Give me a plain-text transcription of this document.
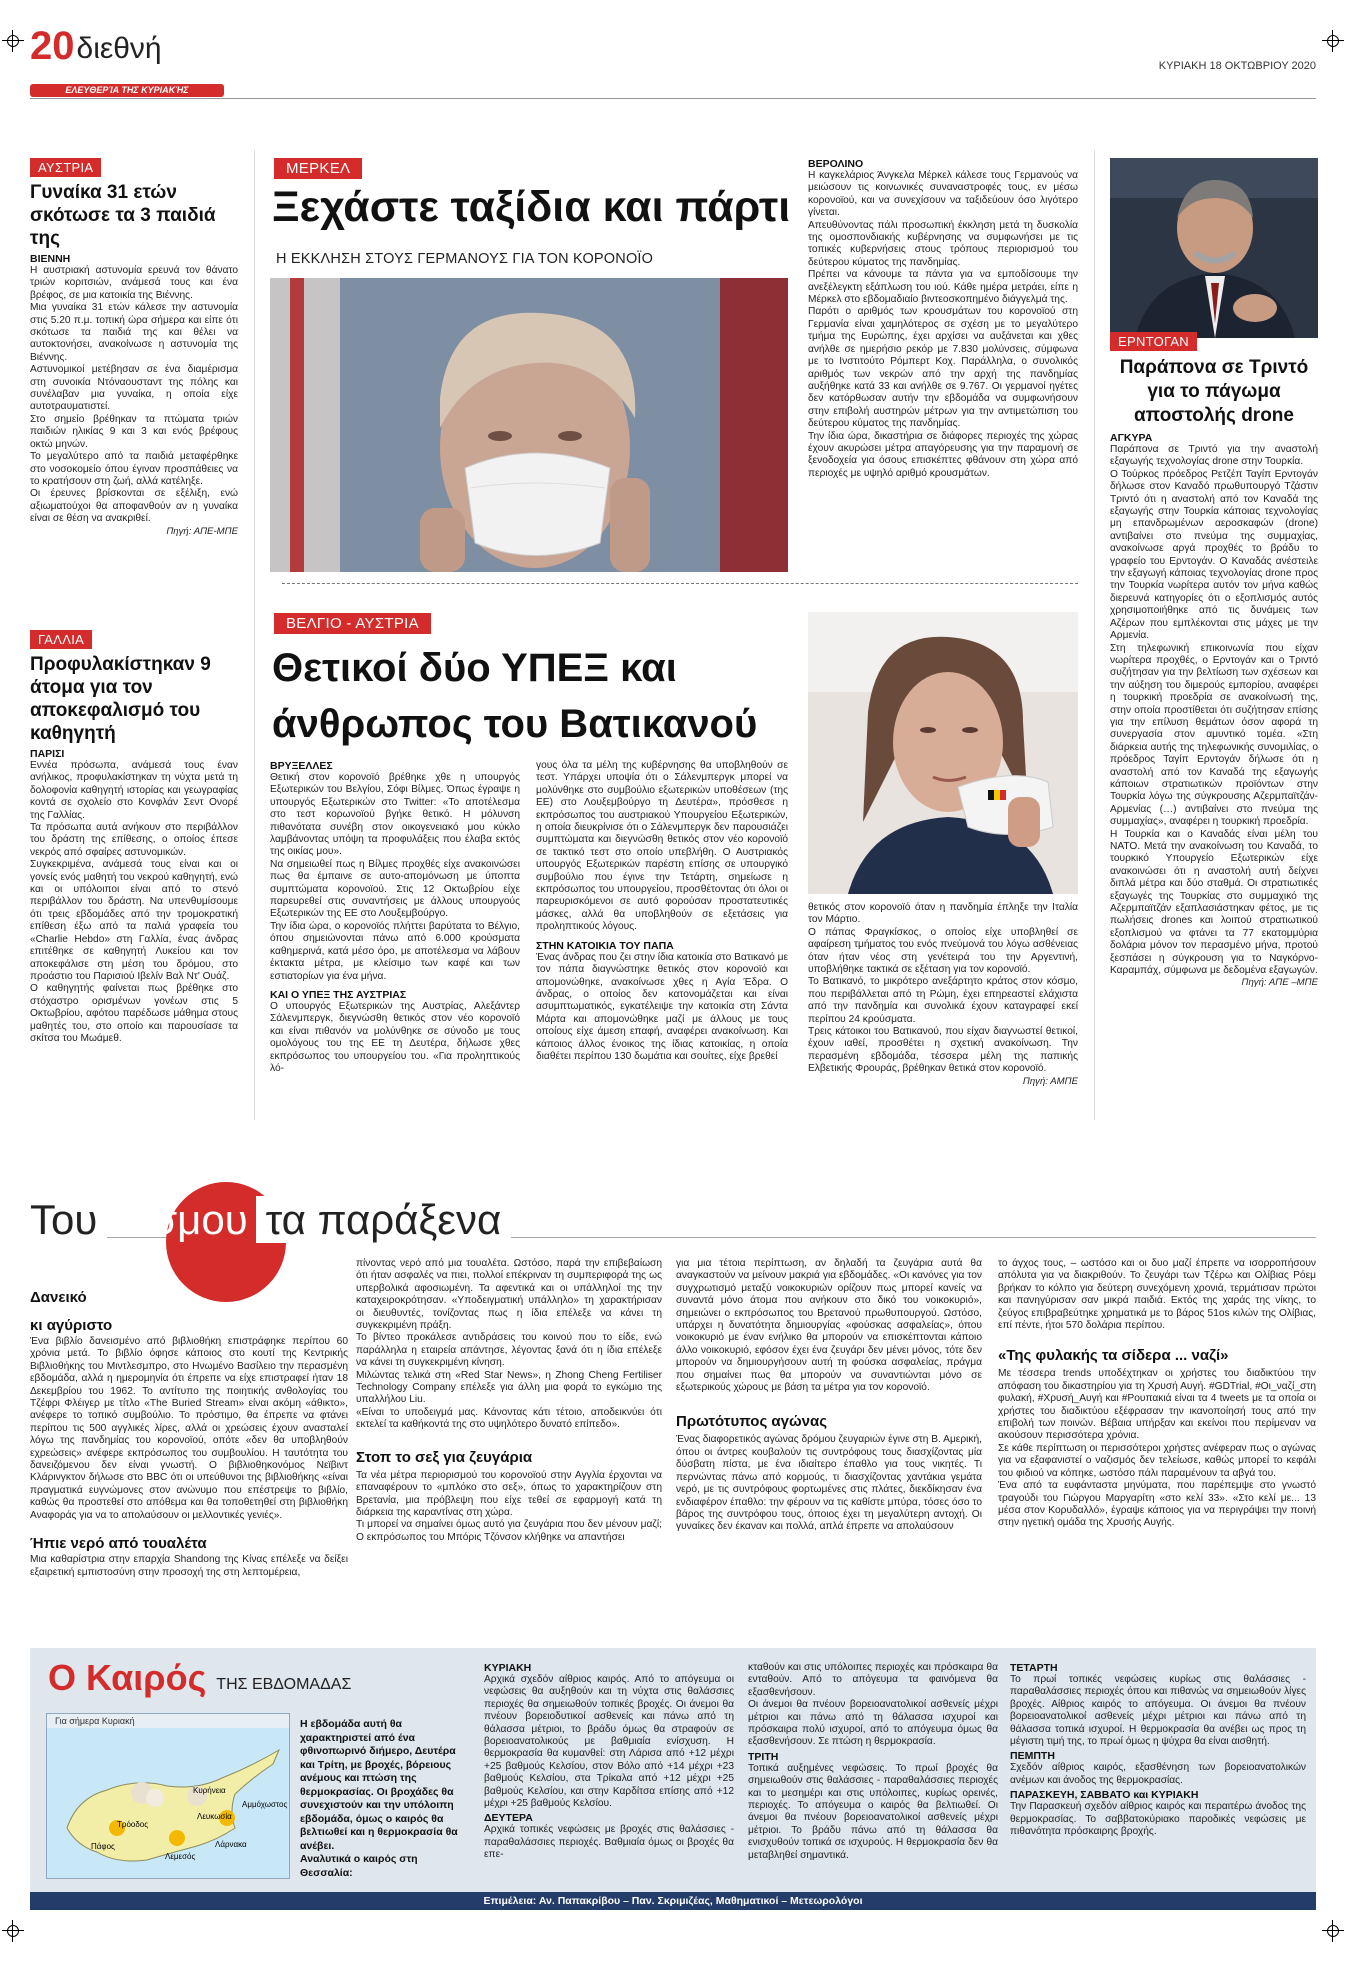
20 διεθνή
ΕΛΕΥΘΕΡΊΑ ΤΗΣ ΚΥΡΙΑΚΉΣ
ΚΥΡΙΑΚΗ 18 ΟΚΤΩΒΡΙΟΥ 2020
ΑΥΣΤΡΙΑ
Γυναίκα 31 ετών σκότωσε τα 3 παιδιά της
ΒΙΕΝΝΗ

Η αυστριακή αστυνομία ερευνά τον θάνατο τριών κοριτσιών, ανάμεσά τους και ένα βρέφος, σε μια κατοικία της Βιέννης.

Μια γυναίκα 31 ετών κάλεσε την αστυνομία στις 5.20 π.μ. τοπική ώρα σήμερα και είπε ότι σκότωσε τα παιδιά της και θέλει να αυτοκτονήσει, ανακοίνωσε η αστυνομία της Βιέννης.

Αστυνομικοί μετέβησαν σε ένα διαμέρισμα στη συνοικία Ντόναουσταντ της πόλης και συνέλαβαν μια γυναίκα, η οποία είχε αυτοτραυματιστεί.

Στο σημείο βρέθηκαν τα πτώματα τριών παιδιών ηλικίας 9 και 3 και ενός βρέφους οκτώ μηνών.

Το μεγαλύτερο από τα παιδιά μεταφέρθηκε στο νοσοκομείο όπου έγιναν προσπάθειες να το κρατήσουν στη ζωή, αλλά κατέληξε.

Οι έρευνες βρίσκονται σε εξέλιξη, ενώ αξιωματούχοι θα αποφανθούν αν η γυναίκα είναι σε θέση να ανακριθεί.

Πηγή: ΑΠΕ-ΜΠΕ
ΓΑΛΛΙΑ
Προφυλακίστηκαν 9 άτομα για τον αποκεφαλισμό του καθηγητή
ΠΑΡΙΣΙ

Εννέα πρόσωπα, ανάμεσά τους έναν ανήλικος, προφυλακίστηκαν τη νύχτα μετά τη δολοφονία καθηγητή ιστορίας και γεωγραφίας κοντά σε σχολείο στο Κονφλάν Σεντ Ονορέ της Γαλλίας.

Τα πρόσωπα αυτά ανήκουν στο περιβάλλον του δράστη της επίθεσης, ο οποίος έπεσε νεκρός από σφαίρες αστυνομικών.

Συγκεκριμένα, ανάμεσά τους είναι και οι γονείς ενός μαθητή του νεκρού καθηγητή, ενώ και οι υπόλοιποι είναι από το στενό περιβάλλον του δράστη. Να υπενθυμίσουμε ότι τρεις εβδομάδες από την τρομοκρατική επίθεση έξω από τα παλιά γραφεία του «Charlie Hebdo» στη Γαλλία, ένας άνδρας επιτέθηκε σε καθηγητή Λυκείου και τον αποκεφάλισε στη μέση του δρόμου, στο προάστιο του Παρισιού Ιβελίν Βαλ Ντ' Ουάζ.

Ο καθηγητής φαίνεται πως βρέθηκε στο στόχαστρο ορισμένων γονέων στις 5 Οκτωβρίου, αφότου παρέδωσε μάθημα στους μαθητές του, στο οποίο και παρουσίασε τα σκίτσα του Μωάμεθ.

ΜΕΡΚΕΛ
Ξεχάστε ταξίδια και πάρτι
Η ΕΚΚΛΗΣΗ ΣΤΟΥΣ ΓΕΡΜΑΝΟΥΣ ΓΙΑ ΤΟΝ ΚΟΡΟΝΟΪΟ
ΒΕΡΟΛΙΝΟ

Η καγκελάριος Άνγκελα Μέρκελ κάλεσε τους Γερμανούς να μειώσουν τις κοινωνικές συναναστροφές τους, εν μέσω κορονοϊού, και να συνεχίσουν να ταξιδεύουν όσο λιγότερο γίνεται.

Απευθύνοντας πάλι προσωπική έκκληση μετά τη δυσκολία της ομοσπονδιακής κυβέρνησης να συμφωνήσει με τις τοπικές κυβερνήσεις στους τρόπους περιορισμού του δεύτερου κύματος της πανδημίας.

Πρέπει να κάνουμε τα πάντα για να εμποδίσουμε την ανεξέλεγκτη εξάπλωση του ιού. Κάθε ημέρα μετράει, είπε η Μέρκελ στο εβδομαδιαίο βιντεοσκοπημένο διάγγελμά της.

Παρότι ο αριθμός των κρουσμάτων του κορονοϊού στη Γερμανία είναι χαμηλότερος σε σχέση με το μεγαλύτερο τμήμα της Ευρώπης, έχει αρχίσει να αυξάνεται και χθες ανήλθε σε ημερήσιο ρεκόρ με 7.830 μολύνσεις, σύμφωνα με το Ινστιτούτο Ρόμπερτ Κοχ. Παράλληλα, ο συνολικός αριθμός των νεκρών από την αρχή της πανδημίας αυξήθηκε κατά 33 και ανήλθε σε 9.767. Οι γερμανοί ηγέτες δεν κατόρθωσαν αυτήν την εβδομάδα να συμφωνήσουν στην επιβολή αυστηρών μέτρων για την αντιμετώπιση του δεύτερου κύματος της πανδημίας.

Την ίδια ώρα, δικαστήρια σε διάφορες περιοχές της χώρας έχουν ακυρώσει μέτρα απαγόρευσης για την παραμονή σε ξενοδοχεία για όσους επισκέπτες φθάνουν στη χώρα από περιοχές με υψηλό αριθμό κρουσμάτων.

ΒΕΛΓΙΟ - ΑΥΣΤΡΙΑ
Θετικοί δύο ΥΠΕΞ και
άνθρωπος του Βατικανού
ΒΡΥΞΕΛΛΕΣ

Θετική στον κορονοϊό βρέθηκε χθε η υπουργός Εξωτερικών του Βελγίου, Σόφι Βίλμες. Όπως έγραψε η υπουργός Εξωτερικών στο Twitter: «Το αποτέλεσμα στο τεστ κορωνοϊού βγήκε θετικό. Η μόλυνση πιθανότατα συνέβη στον οικογενειακό μου κύκλο λαμβάνοντας υπόψη τα προφυλάξεις που έλαβα εκτός της οικίας μου».

Να σημειωθεί πως η Βίλμες προχθές είχε ανακοινώσει πως θα έμπαινε σε αυτο-απομόνωση με ύποπτα συμπτώματα κορονοϊού. Στις 12 Οκτωβρίου είχε παρευρεθεί στις συναντήσεις με άλλους υπουργούς Εξωτερικών της ΕΕ στο Λουξεμβούργο.

Την ίδια ώρα, ο κορονοϊός πλήττει βαρύτατα το Βέλγιο, όπου σημειώνονται πάνω από 6.000 κρούσματα καθημερινά, κατά μέσο όρο, με αποτέλεσμα να λάβουν έκτακτα μέτρα, με κλείσιμο των καφέ και των εστιατορίων για ένα μήνα.

ΚΑΙ Ο ΥΠΕΞ ΤΗΣ ΑΥΣΤΡΙΑΣ
Ο υπουργός Εξωτερικών της Αυστρίας, Αλεξάντερ Σάλενμπεργκ, διεγνώσθη θετικός στον νέο κορονοϊό και είναι πιθανόν να μολύνθηκε σε σύνοδο με τους ομολόγους του της ΕΕ τη Δευτέρα, δήλωσε χθες εκπρόσωπος του υπουργείου του. «Για προληπτικούς λό-
γους όλα τα μέλη της κυβέρνησης θα υποβληθούν σε τεστ. Υπάρχει υποψία ότι ο Σάλενμπεργκ μπορεί να μολύνθηκε στο συμβούλιο εξωτερικών υποθέσεων (της ΕΕ) στο Λουξεμβούργο τη Δευτέρα», πρόσθεσε η εκπρόσωπος του αυστριακού Υπουργείου Εξωτερικών, η οποία διευκρίνισε ότι ο Σάλενμπεργκ δεν παρουσιάζει συμπτώματα και διεγνώσθη θετικός στον νέο κορονοϊό σε τακτικό τεστ στο οποίο υπεβλήθη. Ο Αυστριακός υπουργός Εξωτερικών παρέστη επίσης σε υπουργικό συμβούλιο που έγινε την Τετάρτη, σημείωσε η εκπρόσωπος του υπουργείου, προσθέτοντας ότι όλοι οι παρευρισκόμενοι σε αυτό φορούσαν προστατευτικές μάσκες, αλλά θα υποβληθούν σε εξετάσεις για προληπτικούς λόγους.
ΣΤΗΝ ΚΑΤΟΙΚΙΑ ΤΟΥ ΠΑΠΑ
Ένας άνδρας που ζει στην ίδια κατοικία στο Βατικανό με τον πάπα διαγνώστηκε θετικός στον κορονοϊό και απομονώθηκε, ανακοίνωσε χθες η Αγία Έδρα. Ο άνδρας, ο οποίος δεν κατονομάζεται και είναι ασυμπτωματικός, εγκατέλειψε την κατοικία στη Σάντα Μάρτα και απομονώθηκε μαζί με άλλους με τους οποίους είχε άμεση επαφή, αναφέρει ανακοίνωση. Και κάποιος άλλος ένοικος της ίδιας κατοικίας, η οποία διαθέτει περίπου 130 δωμάτια και σουίτες, είχε βρεθεί

θετικός στον κορονοϊό όταν η πανδημία έπληξε την Ιταλία τον Μάρτιο.

Ο πάπας Φραγκίσκος, ο οποίος είχε υποβληθεί σε αφαίρεση τμήματος του ενός πνεύμονά του λόγω ασθένειας όταν ήταν νέος στη γενέτειρά του την Αργεντινή, υποβλήθηκε τακτικά σε εξέταση για τον κορονοϊό.

Το Βατικανό, το μικρότερο ανεξάρτητο κράτος στον κόσμο, που περιβάλλεται από τη Ρώμη, έχει επηρεαστεί ελάχιστα από την πανδημία και συνολικά έχουν καταγραφεί εκεί περίπου 24 κρούσματα.

Τρεις κάτοικοι του Βατικανού, που είχαν διαγνωστεί θετικοί, έχουν ιαθεί, προσθέτει η σχετική ανακοίνωση. Την περασμένη εβδομάδα, τέσσερα μέλη της παπικής Ελβετικής Φρουράς, βρέθηκαν θετικά στον κορονοϊό.

Πηγή: ΑΜΠΕ
ΕΡΝΤΟΓΑΝ
Παράπονα σε Τριντό για το πάγωμα αποστολής drone
ΑΓΚΥΡΑ

Παράπονα σε Τριντό για την αναστολή εξαγωγής τεχνολογίας drone στην Τουρκία.

Ο Τούρκος πρόεδρος Ρετζέπ Ταγίπ Ερντογάν δήλωσε στον Καναδό πρωθυπουργό Τζάστιν Τριντό ότι η αναστολή από τον Καναδά της εξαγωγής στην Τουρκία κάποιας τεχνολογίας μη επανδρωμένων αεροσκαφών (drone) αντιβαίνει στο πνεύμα της συμμαχίας, ανακοίνωσε αργά προχθές το βράδυ το γραφείο του Ερντογάν. Ο Καναδάς ανέστειλε την εξαγωγή κάποιας τεχνολογίας drone προς την Τουρκία νωρίτερα αυτόν τον μήνα καθώς διερευνά κατηγορίες ότι ο εξοπλισμός αυτός χρησιμοποιήθηκε από τις δυνάμεις των Αζέρων που εμπλέκονται στις μάχες με την Αρμενία.

Στη τηλεφωνική επικοινωνία που είχαν νωρίτερα προχθές, ο Ερντογάν και ο Τριντό συζήτησαν για την βελτίωση των σχέσεων και την αύξηση του διμερούς εμπορίου, αναφέρει η τουρκική προεδρία σε ανακοίνωσή της, στην οποία προστίθεται ότι συζήτησαν επίσης για την επίλυση θεμάτων όσον αφορά τη συνεργασία στον αμυντικό τομέα. «Στη διάρκεια αυτής της τηλεφωνικής συνομιλίας, ο πρόεδρος Ταγίπ Ερντογάν δήλωσε ότι η αναστολή από τον Καναδά της εξαγωγής κάποιων στρατιωτικών προϊόντων στην Τουρκία λόγω της σύγκρουσης Αζερμπαϊτζάν-Αρμενίας (…) αντιβαίνει στο πνεύμα της συμμαχίας», αναφέρει η τουρκική προεδρία.

Η Τουρκία και ο Καναδάς είναι μέλη του ΝΑΤΟ. Μετά την ανακοίνωση του Καναδά, το τουρκικό Υπουργείο Εξωτερικών είχε ανακοινώσει ότι η αναστολή αυτή δείχνει διπλά μέτρα και δύο σταθμά. Οι στρατιωτικές εξαγωγές της Τουρκίας στο συμμαχικό της Αζερμπαϊτζάν εξαπλασιάστηκαν φέτος, με τις πωλήσεις drones και λοιπού στρατιωτικού εξοπλισμού να φτάνει τα 77 εκατομμύρια δολάρια μόνον τον περασμένο μήνα, προτού ξεσπάσει η σύγκρουση για το Ναγκόρνο-Καραμπάχ, σύμφωνα με δεδομένα εξαγωγών.

Πηγή: ΑΠΕ –ΜΠΕ
Του κόσμου τα παράξενα
Δανεικό
κι αγύριστο
Ένα βιβλίο δανεισμένο από βιβλιοθήκη επιστράφηκε περίπου 60 χρόνια μετά. Το βιβλίο όφησε κάποιος στο κουτί της Κεντρικής Βιβλιοθήκης του Μιντλεσμπρο, στο Ηνωμένο Βασίλειο την περασμένη εβδομάδα, αλλά η ημερομηνία ότι έπρεπε να είχε επιστραφεί ήταν 18 Δεκεμβρίου του 1962. Το αντίτυπο της ποιητικής ανθολογίας του Τζέφρι Φλέιγερ με τίτλο «The Buried Stream» είναι ακόμη «άθικτο», ανέφερε το τοπικό συμβούλιο. Το πρόστιμο, θα έπρεπε να φτάνει περίπου τις 500 αγγλικές λίρες, αλλά οι χρεώσεις έχουν ανασταλεί λόγω της πανδημίας του κορονοϊού, οπότε «δεν θα υποβληθούν εχρεώσεις» ανέφερε εκπρόσωπος του συμβουλίου. Η ταυτότητα του δανειζόμενου δεν είναι γνωστή. Ο βιβλιοθηκονόμος Νεϊβιντ Κλάρινγκτον δήλωσε στο BBC ότι οι υπεύθυνοι της βιβλιοθήκης «είναι πραγματικά ευγνώμονες στον ανώνυμο που επέστρεψε το βιβλίο, καθώς θα προστεθεί στο απόθεμα και θα τοποθετηθεί στη βιβλιοθήκη Αναφοράς για να το απολαύσουν οι μελλοντικές γενιές».
Ήπιε νερό από τουαλέτα
Μια καθαρίστρια στην επαρχία Shandong της Κίνας επέλεξε να δείξει εξαιρετική εμπιστοσύνη στην προσοχή της στη λεπτομέρεια,
πίνοντας νερό από μια τουαλέτα. Ωστόσο, παρά την επιβεβαίωση ότι ήταν ασφαλές να πιει, πολλοί επέκριναν τη συμπεριφορά της ως υπερβολικά αφοσιωμένη. Τα αφεντικά και οι υπάλληλοί της την καταχειροκρότησαν. «Υποδειγματική υπάλληλο» τη χαρακτήρισαν οι διευθυντές, τονίζοντας πως η ίδια επέλεξε να κάνει τη συγκεκριμένη πράξη.
Το βίντεο προκάλεσε αντιδράσεις του κοινού που το είδε, ενώ παράλληλα η εταιρεία απάντησε, λέγοντας ξανά ότι η ίδια επέλεξε να κάνει τη συγκεκριμένη κίνηση.
Μιλώντας τελικά στη «Red Star News», η Zhong Cheng Fertiliser Technology Company επέλεξε για άλλη μια φορά το εγκώμιο της υπαλλήλου Liu.
«Είναι το υποδειγμά μας. Κάνοντας κάτι τέτοιο, αποδεικνύει ότι εκτελεί τα καθήκοντά της στο υψηλότερο δυνατό επίπεδο».
Στοπ το σεξ για ζευγάρια
Τα νέα μέτρα περιορισμού του κορονοϊού στην Αγγλία έρχονται να επαναφέρουν το «μπλόκο στο σεξ», όπως το χαρακτηρίζουν στη Βρετανία, μια πρόβλεψη που είχε τεθεί σε εφαρμογή κατά τη διάρκεια της καραντίνας στη χώρα.
Τι μπορεί να σημαίνει όμως αυτό για ζευγάρια που δεν μένουν μαζί; Ο εκπρόσωπος του Μπόρις Τζόνσον κλήθηκε να απαντήσει
για μια τέτοια περίπτωση, αν δηλαδή τα ζευγάρια αυτά θα αναγκαστούν να μείνουν μακριά για εβδομάδες. «Οι κανόνες για τον συγχρωτισμό μεταξύ νοικοκυριών ορίζουν πως μπορεί κανείς να συναντά μόνο άτομα που ανήκουν στο δικό του νοικοκυριό», σημειώνει ο εκπρόσωπος του Βρετανού πρωθυπουργού. Ωστόσο, υπάρχει η δυνατότητα δημιουργίας «φούσκας ασφαλείας», όπου νοικοκυριό με έναν ενήλικο θα μπορούν να επισκέπτονται κάποιο άλλο νοικοκυριό, εφόσον έχει ένα ζευγάρι δεν μένει μόνος, τότε δεν μπορούν να δημιουργήσουν αυτή τη φούσκα ασφαλείας, πράγμα που σημαίνει πως θα μπορούν να συναντιώνται μόνο σε εξωτερικούς χώρους με βάση τα μέτρα για τον κορονοϊό.
Πρωτότυπος αγώνας
Ένας διαφορετικός αγώνας δρόμου ζευγαριών έγινε στη Β. Αμερική, όπου οι άντρες κουβαλούν τις συντρόφους τους διασχίζοντας μία δύσβατη πίστα, με ένα ιδιαίτερο έπαθλο για τους νικητές. Τι περνώντας πάνω από κορμούς, τι διασχίζοντας χαντάκια γεμάτα νερό, με τις συντρόφους φορτωμένες στις πλάτες, διεκδίκησαν ένα ενδιαφέρον έπαθλο: την φέρουν να τις καθίστε μπύρα, τόσες όσο το βάρος της συντρόφου τους, όποιος έχει τη μεγαλύτερη αντοχή. Οι γυναίκες δεν έκαναν και πολλά, απλά έπρεπε να απολαύσουν
το άγχος τους, – ωστόσο και οι δυο μαζί έπρεπε να ισορροπήσουν απόλυτα για να διακριθούν. Το ζευγάρι των Τζέρω και Ολίβιας Ρόεμ βρήκαν το κόλπο για δεύτερη συνεχόμενη χρονιά, τερμάτισαν πρώτοι και πανηγύρισαν σαν μικρά παιδιά. Εκτός της χαράς της νίκης, το ζεύγος επιβραβεύτηκε χρηματικά με το βάρος 51os κιλών της Ολίβιας, επί πέντε, ήτοι 570 δολάρια περίπου.
«Της φυλακής τα σίδερα ... ναζί»
Με τέσσερα trends υποδέχτηκαν οι χρήστες του διαδικτύου την απόφαση του δικαστηρίου για τη Χρυσή Αυγή. #GDTrial, #Οι_ναζί_στη φυλακή, #Χρυσή_Αυγή και #Pουπακιά είναι τα 4 tweets με τα οποία οι χρήστες του διαδικτύου εξέφρασαν την ικανοποίησή τους από την επιβολή των ποινών. Βέβαια υπήρξαν και εκείνοι που περίμεναν να ακούσουν περισσότερα χρόνια.
Σε κάθε περίπτωση οι περισσότεροι χρήστες ανέφεραν πως ο αγώνας για να εξαφανιστεί ο ναζισμός δεν τελείωσε, καθώς μπορεί το κεφάλι του φιδιού να κόπηκε, ωστόσο πάλι παραμένουν τα αβγά του.
Ένα από τα ευφάνταστα μηνύματα, που παρέπεμψε στο γνωστό τραγούδι του Γιώργου Μαργαρίτη «στο κελί 33». «Στο κελί με... 13 μέσα στον Κορυδαλλό», έγραψε κάποιος για να περιγράψει την ποινή στην ηγετική ομάδα της Χρυσής Αυγής.
Ο Καιρός ΤΗΣ ΕΒΔΟΜΑΔΑΣ
Για σήμερα Κυριακή
Κυρήνεια
Λευκωσία
Αμμόχωστος
Τρόοδος
Πάφος
Λεμεσός
Λάρνακα
Η εβδομάδα αυτή θα χαρακτηριστεί από ένα φθινοπωρινό διήμερο, Δευτέρα και Τρίτη, με βροχές, βόρειους ανέμους και πτώση της θερμοκρασίας. Οι βροχάδες θα συνεχιστούν και την υπόλοιπη εβδομάδα, όμως ο καιρός θα βελτιωθεί και η θερμοκρασία θα ανέβει.
Αναλυτικά ο καιρός στη Θεσσαλία:
ΚΥΡΙΑΚΗ
Αρχικά σχεδόν αίθριος καιρός. Από το απόγευμα οι νεφώσεις θα αυξηθούν και τη νύχτα στις θαλάσσιες περιοχές θα σημειωθούν τοπικές βροχές. Οι άνεμοι θα πνέουν βορειοδυτικοί ασθενείς και πάνω από τη θάλασσα μέτριοι, το βράδυ όμως θα στραφούν σε βορειοανατολικούς με βαθμιαία ενίσχυση. Η θερμοκρασία θα κυμανθεί: στη Λάρισα από +12 μέχρι +25 βαθμούς Κελσίου, στον Βόλο από +14 μέχρι +23 βαθμούς Κελσίου, στα Τρίκαλα από +12 μέχρι +25 βαθμούς Κελσίου, και στην Καρδίτσα επίσης από +12 μέχρι +25 βαθμούς Κελσίου.
ΔΕΥΤΕΡΑ
Αρχικά τοπικές νεφώσεις με βροχές στις θαλάσσιες - παραθαλάσσιες περιοχές. Βαθμιαία όμως οι βροχές θα επε-
κταθούν και στις υπόλοιπες περιοχές και πρόσκαιρα θα ενταθούν. Από το απόγευμα τα φαινόμενα θα εξασθενήσουν.
Οι άνεμοι θα πνέουν βορειοανατολικοί ασθενείς μέχρι μέτριοι και πάνω από τη θάλασσα ισχυροί και πρόσκαιρα πολύ ισχυροί, από το απόγευμα όμως θα εξασθενήσουν. Σε πτώση η θερμοκρασία.
ΤΡΙΤΗ
Τοπικά αυξημένες νεφώσεις. Το πρωί βροχές θα σημειωθούν στις θαλάσσιες - παραθαλάσσιες περιοχές και το μεσημέρι και στις υπόλοιπες, κυρίως ορεινές, περιοχές. Το απόγευμα ο καιρός θα βελτιωθεί. Οι άνεμοι θα πνέουν βορειοανατολικοί ασθενείς μέχρι μέτριοι. Το βράδυ πάνω από τη θάλασσα θα ενισχυθούν τοπικά σε ισχυρούς. Η θερμοκρασία δεν θα μεταβληθεί σημαντικά.
ΤΕΤΑΡΤΗ
Το πρωί τοπικές νεφώσεις κυρίως στις θαλάσσιες - παραθαλάσσιες περιοχές όπου και πιθανώς να σημειωθούν λίγες βροχές. Αίθριος καιρός το απόγευμα. Οι άνεμοι θα πνέουν βορειοανατολικοί ασθενείς μέχρι μέτριοι και πάνω από τη θάλασσα τοπικά ισχυροί. Η θερμοκρασία θα ανέβει ως προς τη μέγιστη τιμή της, το πρωί όμως η ψύχρα θα είναι αισθητή.
ΠΕΜΠΤΗ
Σχεδόν αίθριος καιρός, εξασθένηση των βορειοανατολικών ανέμων και άνοδος της θερμοκρασίας.
ΠΑΡΑΣΚΕΥΗ, ΣΑΒΒΑΤΟ και ΚΥΡΙΑΚΗ
Την Παρασκευή σχεδόν αίθριος καιρός και περαιτέρω άνοδος της θερμοκρασίας. Το σαββατοκύριακο παροδικές νεφώσεις με πιθανότητα πρόσκαιρης βροχής.
Επιμέλεια: Αν. Παπακρίβου – Παν. Σκριμιζέας, Μαθηματικοί – Μετεωρολόγοι
